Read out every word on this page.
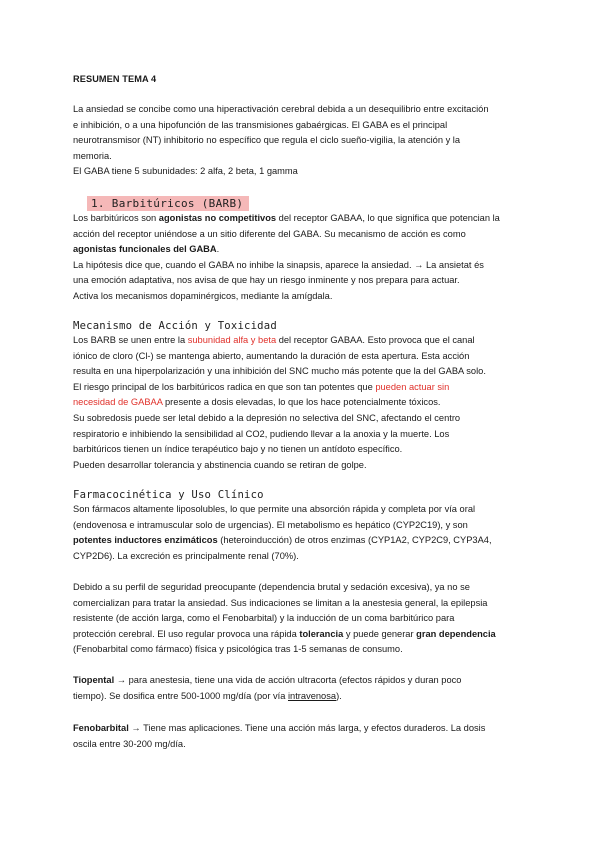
RESUMEN TEMA 4

La ansiedad se concibe como una hiperactivación cerebral debida a un desequilibrio entre excitación
e inhibición, o a una hipofunción de las transmisiones gabaérgicas. El GABA es el principal
neurotransmisor (NT) inhibitorio no específico que regula el ciclo sueño-vigilia, la atención y la
memoria.
El GABA tiene 5 subunidades: 2 alfa, 2 beta, 1 gamma

1. Barbitúricos (BARB)

Los barbitúricos son agonistas no competitivos del receptor GABAA, lo que significa que potencian la
acción del receptor uniéndose a un sitio diferente del GABA. Su mecanismo de acción es como
agonistas funcionales del GABA.
La hipótesis dice que, cuando el GABA no inhibe la sinapsis, aparece la ansiedad. → La ansietat és
una emoción adaptativa, nos avisa de que hay un riesgo inminente y nos prepara para actuar.
Activa los mecanismos dopaminérgicos, mediante la amígdala.

Mecanismo de Acción y Toxicidad

Los BARB se unen entre la subunidad alfa y beta del receptor GABAA. Esto provoca que el canal
iónico de cloro (Cl-) se mantenga abierto, aumentando la duración de esta apertura. Esta acción
resulta en una hiperpolarización y una inhibición del SNC mucho más potente que la del GABA solo.
El riesgo principal de los barbitúricos radica en que son tan potentes que pueden actuar sin
necesidad de GABAA presente a dosis elevadas, lo que los hace potencialmente tóxicos.
Su sobredosis puede ser letal debido a la depresión no selectiva del SNC, afectando el centro
respiratorio e inhibiendo la sensibilidad al CO2, pudiendo llevar a la anoxia y la muerte. Los
barbitúricos tienen un índice terapéutico bajo y no tienen un antídoto específico.
Pueden desarrollar tolerancia y abstinencia cuando se retiran de golpe.

Farmacocinética y Uso Clínico

Son fármacos altamente liposolubles, lo que permite una absorción rápida y completa por vía oral
(endovenosa e intramuscular solo de urgencias). El metabolismo es hepático (CYP2C19), y son
potentes inductores enzimáticos (heteroinducción) de otros enzimas (CYP1A2, CYP2C9, CYP3A4,
CYP2D6). La excreción es principalmente renal (70%).

Debido a su perfil de seguridad preocupante (dependencia brutal y sedación excesiva), ya no se
comercializan para tratar la ansiedad. Sus indicaciones se limitan a la anestesia general, la epilepsia
resistente (de acción larga, como el Fenobarbital) y la inducción de un coma barbitúrico para
protección cerebral. El uso regular provoca una rápida tolerancia y puede generar gran dependencia
(Fenobarbital como fármaco) física y psicológica tras 1-5 semanas de consumo.

Tiopental → para anestesia, tiene una vida de acción ultracorta (efectos rápidos y duran poco
tiempo). Se dosifica entre 500-1000 mg/día (por vía intravenosa).

Fenobarbital → Tiene mas aplicaciones. Tiene una acción más larga, y efectos duraderos. La dosis
oscila entre 30-200 mg/día.
